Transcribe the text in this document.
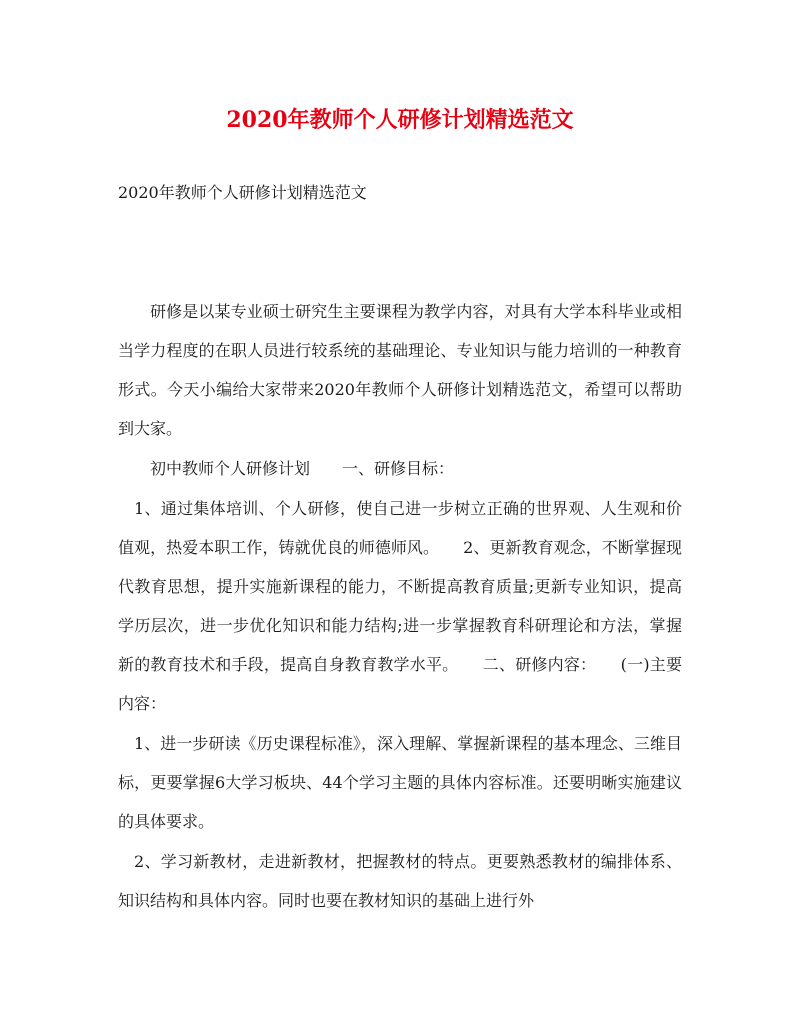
2020年教师个人研修计划精选范文
2020年教师个人研修计划精选范文

研修是以某专业硕士研究生主要课程为教学内容，对具有大学本科毕业或相当学力程度的在职人员进行较系统的基础理论、专业知识与能力培训的一种教育形式。今天小编给大家带来2020年教师个人研修计划精选范文，希望可以帮助到大家。

初中教师个人研修计划　　一、研修目标：

1、通过集体培训、个人研修，使自己进一步树立正确的世界观、人生观和价值观，热爱本职工作，铸就优良的师德师风。　　2、更新教育观念，不断掌握现代教育思想，提升实施新课程的能力，不断提高教育质量;更新专业知识，提高学历层次，进一步优化知识和能力结构;进一步掌握教育科研理论和方法，掌握新的教育技术和手段，提高自身教育教学水平。　　二、研修内容：　　(一)主要内容：

1、进一步研读《历史课程标准》，深入理解、掌握新课程的基本理念、三维目标，更要掌握6大学习板块、44个学习主题的具体内容标准。还要明晰实施建议的具体要求。

2、学习新教材，走进新教材，把握教材的特点。更要熟悉教材的编排体系、知识结构和具体内容。同时也要在教材知识的基础上进行外
